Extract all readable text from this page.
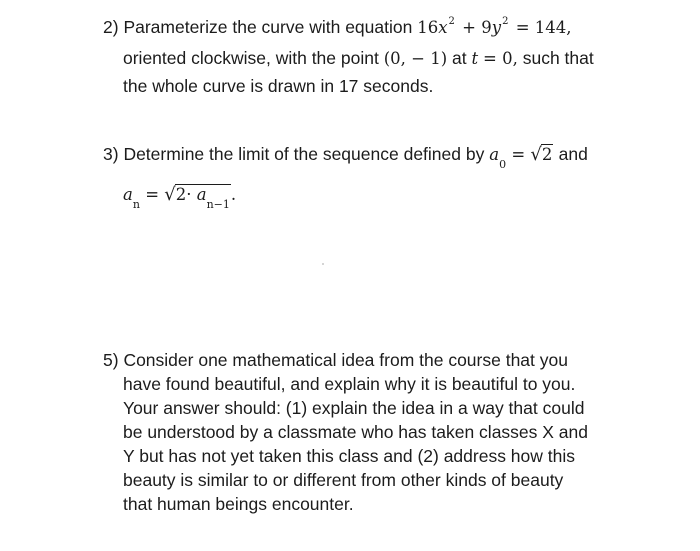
2) Parameterize the curve with equation $16x^2 + 9y^2 = 144$,
oriented clockwise, with the point (0, − 1) at t = 0, such that
the whole curve is drawn in 17 seconds.
3) Determine the limit of the sequence defined by $a_0 = √2$ and
$a_n = √2\cdot a_{n-1}$.
5) Consider one mathematical idea from the course that you
have found beautiful, and explain why it is beautiful to you.
Your answer should: (1) explain the idea in a way that could
be understood by a classmate who has taken classes X and
Y but has not yet taken this class and (2) address how this
beauty is similar to or different from other kinds of beauty
that human beings encounter.
